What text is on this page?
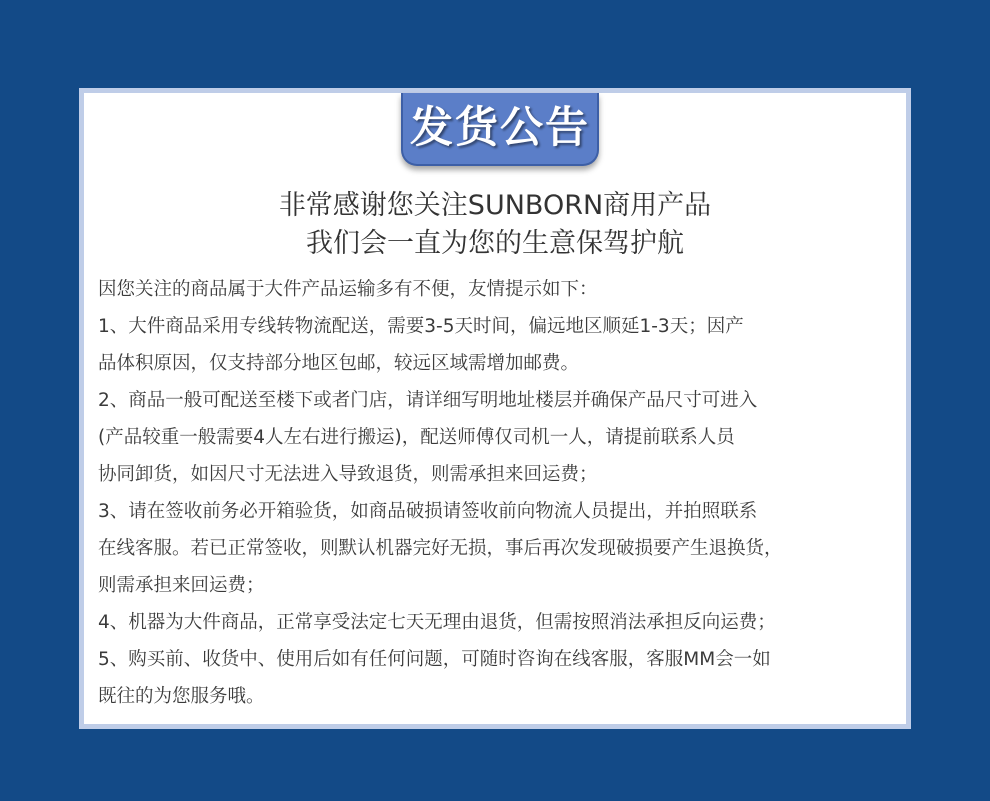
发货公告
非常感谢您关注SUNBORN商用产品
我们会一直为您的生意保驾护航
因您关注的商品属于大件产品运输多有不便，友情提示如下：
1、大件商品采用专线转物流配送，需要3-5天时间，偏远地区顺延1-3天；因产
品体积原因，仅支持部分地区包邮，较远区域需增加邮费。
2、商品一般可配送至楼下或者门店，请详细写明地址楼层并确保产品尺寸可进入
(产品较重一般需要4人左右进行搬运)，配送师傅仅司机一人，请提前联系人员
协同卸货，如因尺寸无法进入导致退货，则需承担来回运费；
3、请在签收前务必开箱验货，如商品破损请签收前向物流人员提出，并拍照联系
在线客服。若已正常签收，则默认机器完好无损，事后再次发现破损要产生退换货，
则需承担来回运费；
4、机器为大件商品，正常享受法定七天无理由退货，但需按照消法承担反向运费；
5、购买前、收货中、使用后如有任何问题，可随时咨询在线客服，客服MM会一如
既往的为您服务哦。
